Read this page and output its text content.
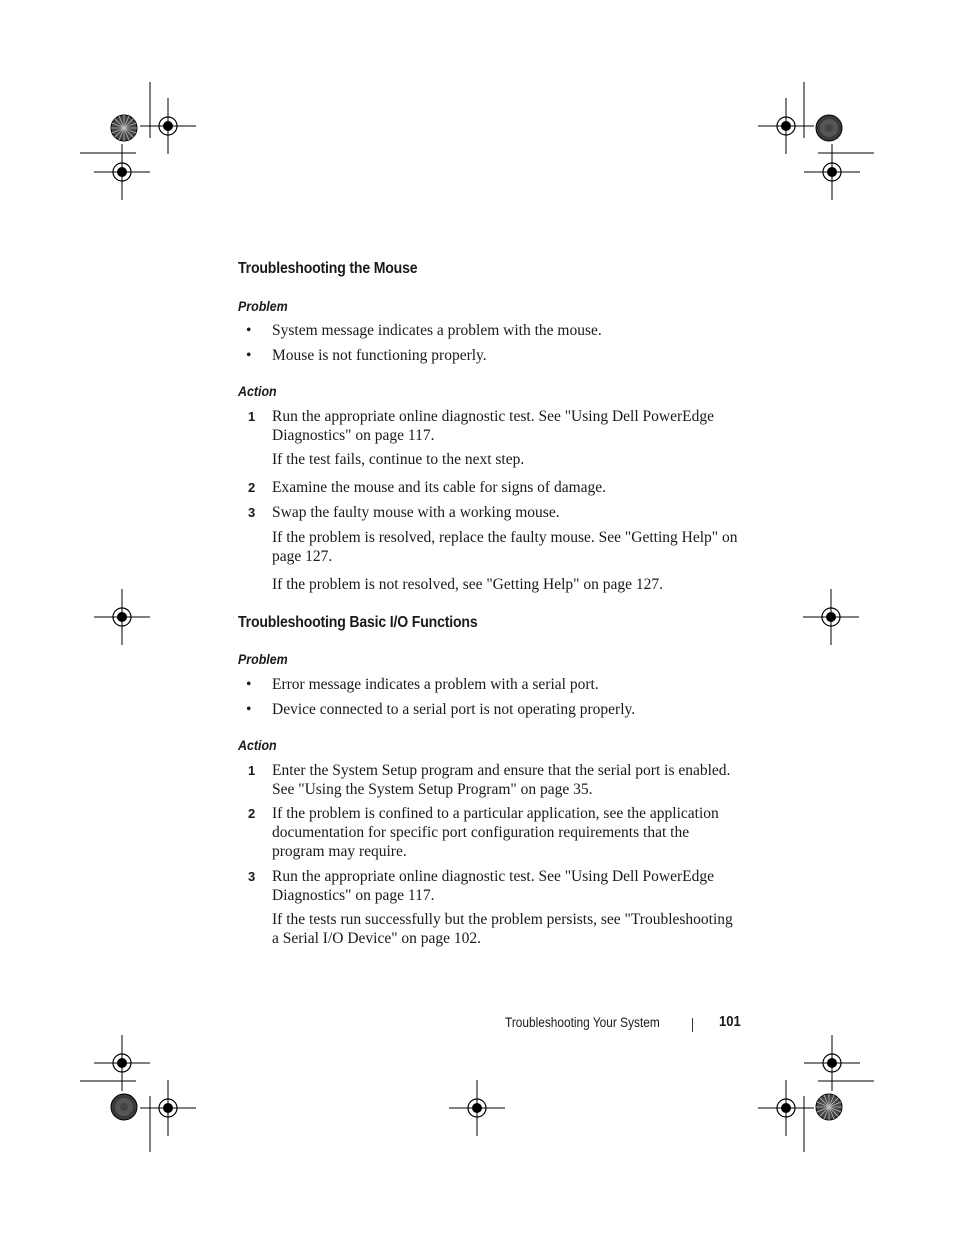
Troubleshooting the Mouse
Problem
• System message indicates a problem with the mouse.
• Mouse is not functioning properly.
Action
1 Run the appropriate online diagnostic test. See "Using Dell PowerEdge Diagnostics" on page 117.
If the test fails, continue to the next step.
2 Examine the mouse and its cable for signs of damage.
3 Swap the faulty mouse with a working mouse.
If the problem is resolved, replace the faulty mouse. See "Getting Help" on page 127.
If the problem is not resolved, see "Getting Help" on page 127.
Troubleshooting Basic I/O Functions
Problem
• Error message indicates a problem with a serial port.
• Device connected to a serial port is not operating properly.
Action
1 Enter the System Setup program and ensure that the serial port is enabled. See "Using the System Setup Program" on page 35.
2 If the problem is confined to a particular application, see the application documentation for specific port configuration requirements that the program may require.
3 Run the appropriate online diagnostic test. See "Using Dell PowerEdge Diagnostics" on page 117.
If the tests run successfully but the problem persists, see "Troubleshooting a Serial I/O Device" on page 102.
Troubleshooting Your System	101
